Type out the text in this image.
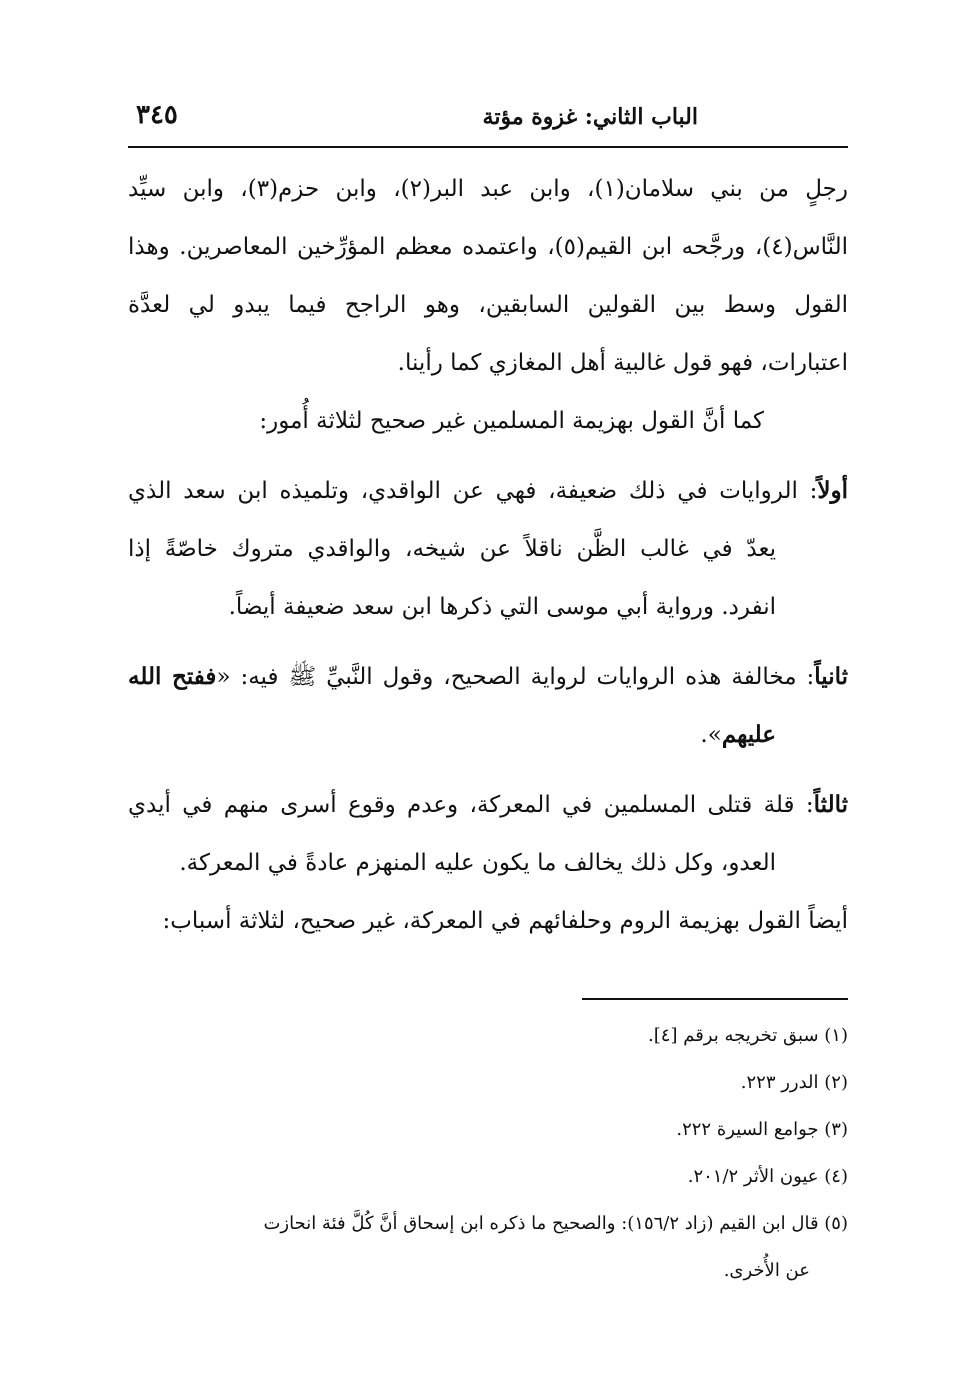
الباب الثاني: غزوة مؤتة
٣٤٥
رجلٍ من بني سلامان(١)، وابن عبد البر(٢)، وابن حزم(٣)، وابن سيِّد
النَّاس(٤)، ورجَّحه ابن القيم(٥)، واعتمده معظم المؤرِّخين المعاصرين. وهذا
القول وسط بين القولين السابقين، وهو الراجح فيما يبدو لي لعدَّة
اعتبارات، فهو قول غالبية أهل المغازي كما رأينا.
كما أنَّ القول بهزيمة المسلمين غير صحيح لثلاثة أُمور:
أولاً: الروايات في ذلك ضعيفة، فهي عن الواقدي، وتلميذه ابن سعد الذي
يعدّ في غالب الظَّن ناقلاً عن شيخه، والواقدي متروك خاصّةً إذا
انفرد. ورواية أبي موسى التي ذكرها ابن سعد ضعيفة أيضاً.
ثانياً: مخالفة هذه الروايات لرواية الصحيح، وقول النَّبيِّ ﷺ فيه: «ففتح الله
عليهم».
ثالثاً: قلة قتلى المسلمين في المعركة، وعدم وقوع أسرى منهم في أيدي
العدو، وكل ذلك يخالف ما يكون عليه المنهزم عادةً في المعركة.
أيضاً القول بهزيمة الروم وحلفائهم في المعركة، غير صحيح، لثلاثة أسباب:
(١) سبق تخريجه برقم [٤].
(٢) الدرر ٢٢٣.
(٣) جوامع السيرة ٢٢٢.
(٤) عيون الأثر ٢٠١/٢.
(٥) قال ابن القيم (زاد ١٥٦/٢): والصحيح ما ذكره ابن إسحاق أنَّ كُلَّ فئة انحازت
عن الأُخرى.
